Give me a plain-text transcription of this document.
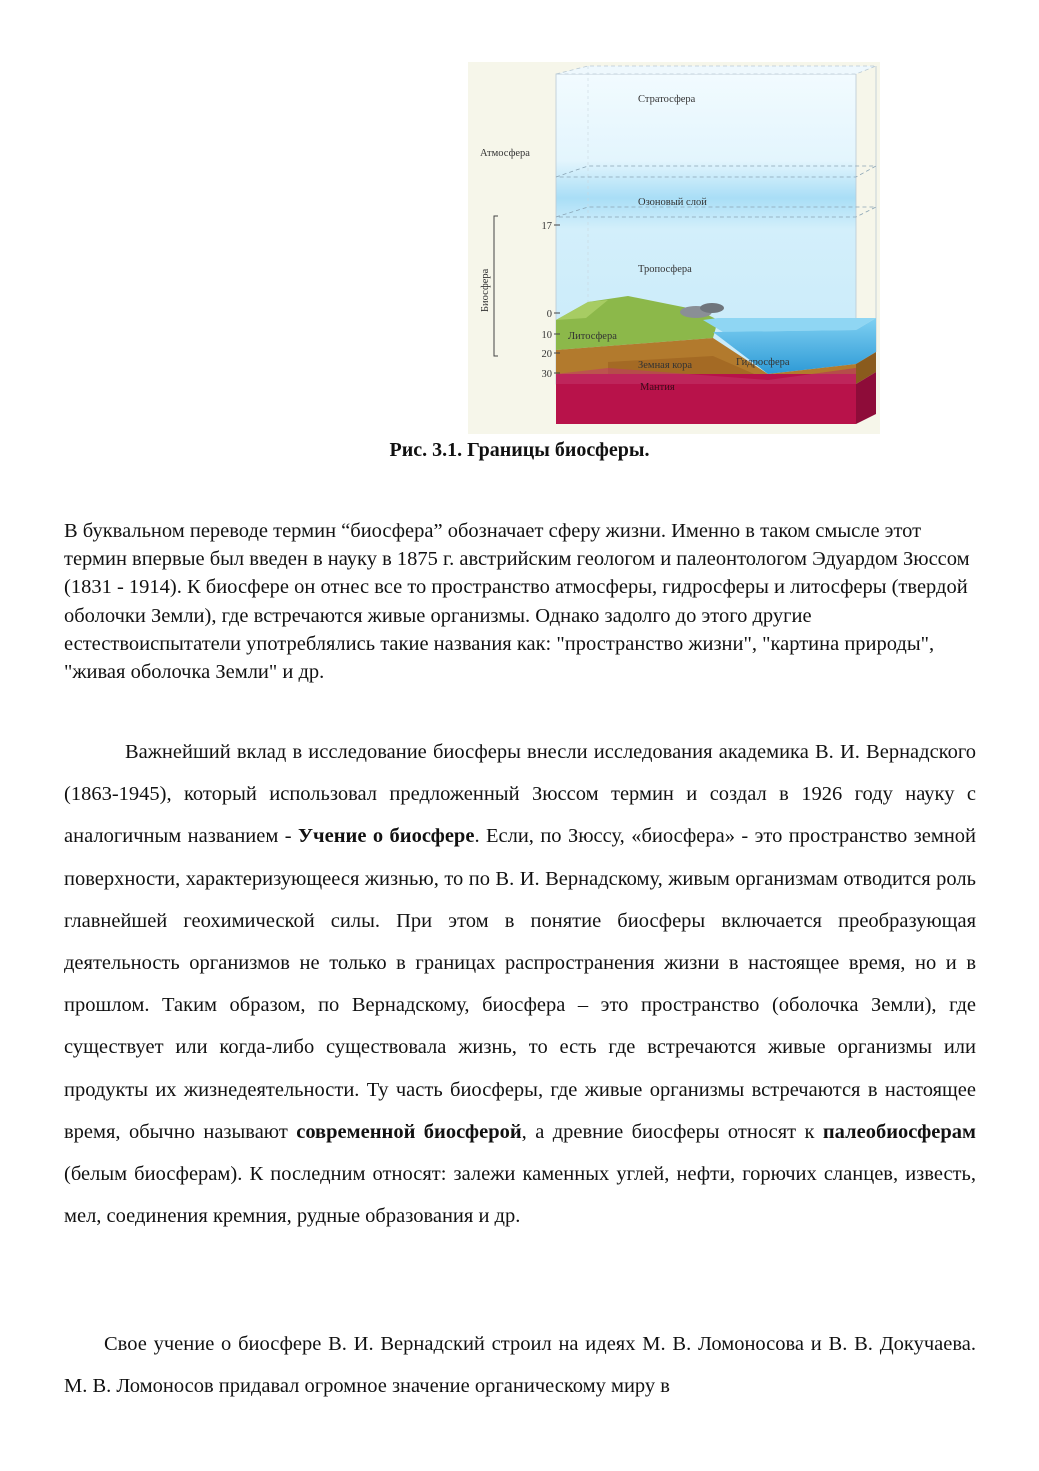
17
0
10
20
30
Стратосфера
Атмосфера
Озоновый слой
Тропосфера
Биосфера
Литосфера
Земная кора	Гидросфера
Мантия
Рис. 3.1. Границы биосферы.

В буквальном переводе термин “биосфера” обозначает сферу жизни. Именно в таком смысле этот термин впервые был введен в науку в 1875 г. австрийским геологом и палеонтологом Эдуардом Зюссом (1831 - 1914). К биосфере он отнес все то пространство атмосферы, гидросферы и литосферы (твердой оболочки Земли), где встречаются живые организмы. Однако задолго до этого другие естествоиспытатели употреблялись такие названия как: "пространство жизни", "картина природы", "живая оболочка Земли" и др.

Важнейший вклад в исследование биосферы внесли исследования академика В. И. Вернадского (1863-1945), который использовал предложенный Зюссом термин и создал в 1926 году науку с аналогичным названием - Учение о биосфере. Если, по Зюссу, «биосфера» - это пространство земной поверхности, характеризующееся жизнью, то по В. И. Вернадскому, живым организмам отводится роль главнейшей геохимической силы. При этом в понятие биосферы включается преобразующая деятельность организмов не только в границах распространения жизни в настоящее время, но и в прошлом. Таким образом, по Вернадскому, биосфера – это пространство (оболочка Земли), где существует или когда-либо существовала жизнь, то есть где встречаются живые организмы или продукты их жизнедеятельности. Ту часть биосферы, где живые организмы встречаются в настоящее время, обычно называют современной биосферой, а древние биосферы относят к палеобиосферам (белым биосферам). К последним относят: залежи каменных углей, нефти, горючих сланцев, известь, мел, соединения кремния, рудные образования и др.

Свое учение о биосфере В. И. Вернадский строил на идеях М. В. Ломоносова и В. В. Докучаева. М. В. Ломоносов придавал огромное значение органическому миру в
